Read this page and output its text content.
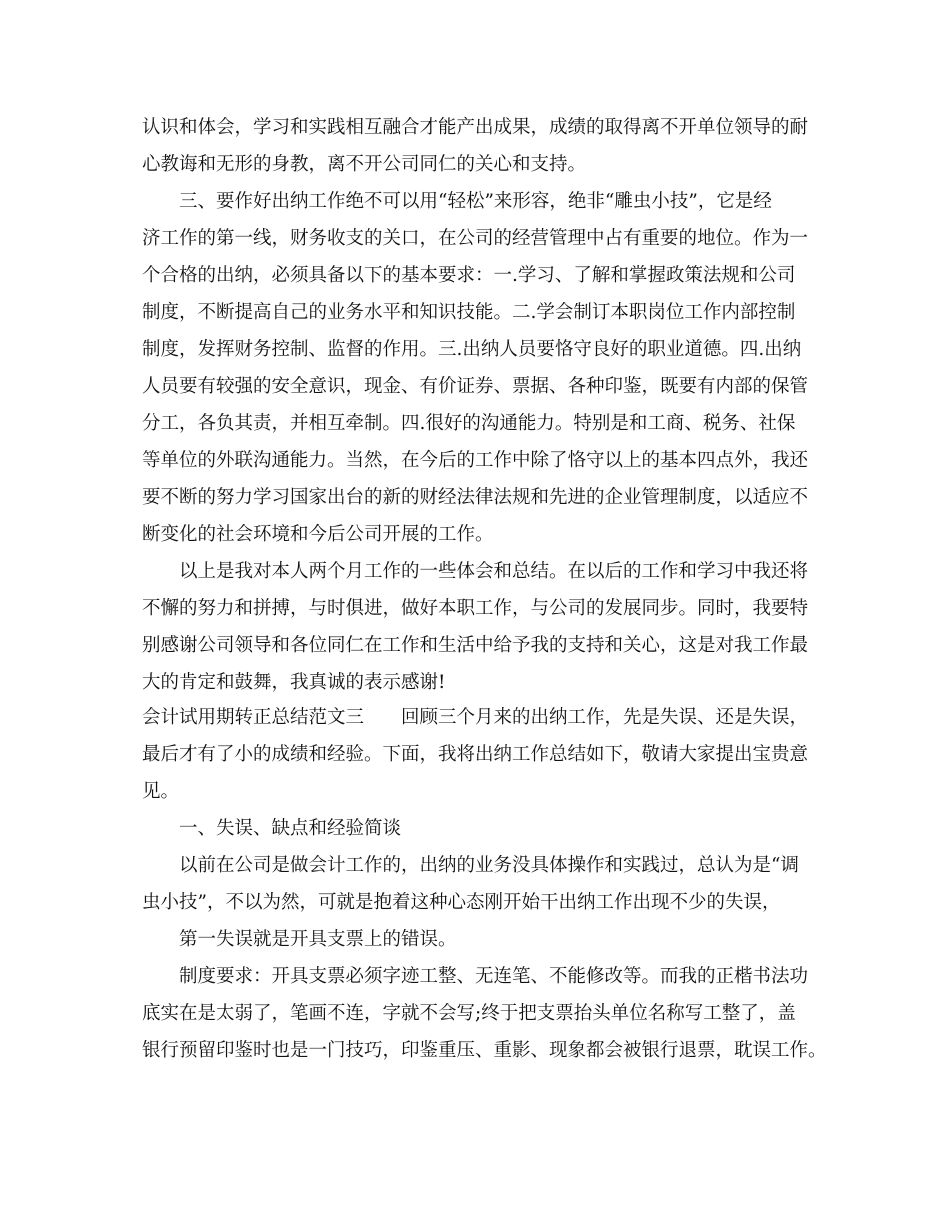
认识和体会，学习和实践相互融合才能产出成果，成绩的取得离不开单位领导的耐
心教诲和无形的身教，离不开公司同仁的关心和支持。
三、要作好出纳工作绝不可以用“轻松”来形容，绝非“雕虫小技”，它是经
济工作的第一线，财务收支的关口，在公司的经营管理中占有重要的地位。作为一
个合格的出纳，必须具备以下的基本要求：一.学习、了解和掌握政策法规和公司
制度，不断提高自己的业务水平和知识技能。二.学会制订本职岗位工作内部控制
制度，发挥财务控制、监督的作用。三.出纳人员要恪守良好的职业道德。四.出纳
人员要有较强的安全意识，现金、有价证券、票据、各种印鉴，既要有内部的保管
分工，各负其责，并相互牵制。四.很好的沟通能力。特别是和工商、税务、社保
等单位的外联沟通能力。当然，在今后的工作中除了恪守以上的基本四点外，我还
要不断的努力学习国家出台的新的财经法律法规和先进的企业管理制度，以适应不
断变化的社会环境和今后公司开展的工作。
以上是我对本人两个月工作的一些体会和总结。在以后的工作和学习中我还将
不懈的努力和拼搏，与时俱进，做好本职工作，与公司的发展同步。同时，我要特
别感谢公司领导和各位同仁在工作和生活中给予我的支持和关心，这是对我工作最
大的肯定和鼓舞，我真诚的表示感谢!
会计试用期转正总结范文三　　回顾三个月来的出纳工作，先是失误、还是失误，
最后才有了小的成绩和经验。下面，我将出纳工作总结如下，敬请大家提出宝贵意
见。
一、失误、缺点和经验简谈
以前在公司是做会计工作的，出纳的业务没具体操作和实践过，总认为是“调
虫小技”，不以为然，可就是抱着这种心态刚开始干出纳工作出现不少的失误，
第一失误就是开具支票上的错误。
制度要求：开具支票必须字迹工整、无连笔、不能修改等。而我的正楷书法功
底实在是太弱了，笔画不连，字就不会写;终于把支票抬头单位名称写工整了，盖
银行预留印鉴时也是一门技巧，印鉴重压、重影、现象都会被银行退票，耽误工作。
